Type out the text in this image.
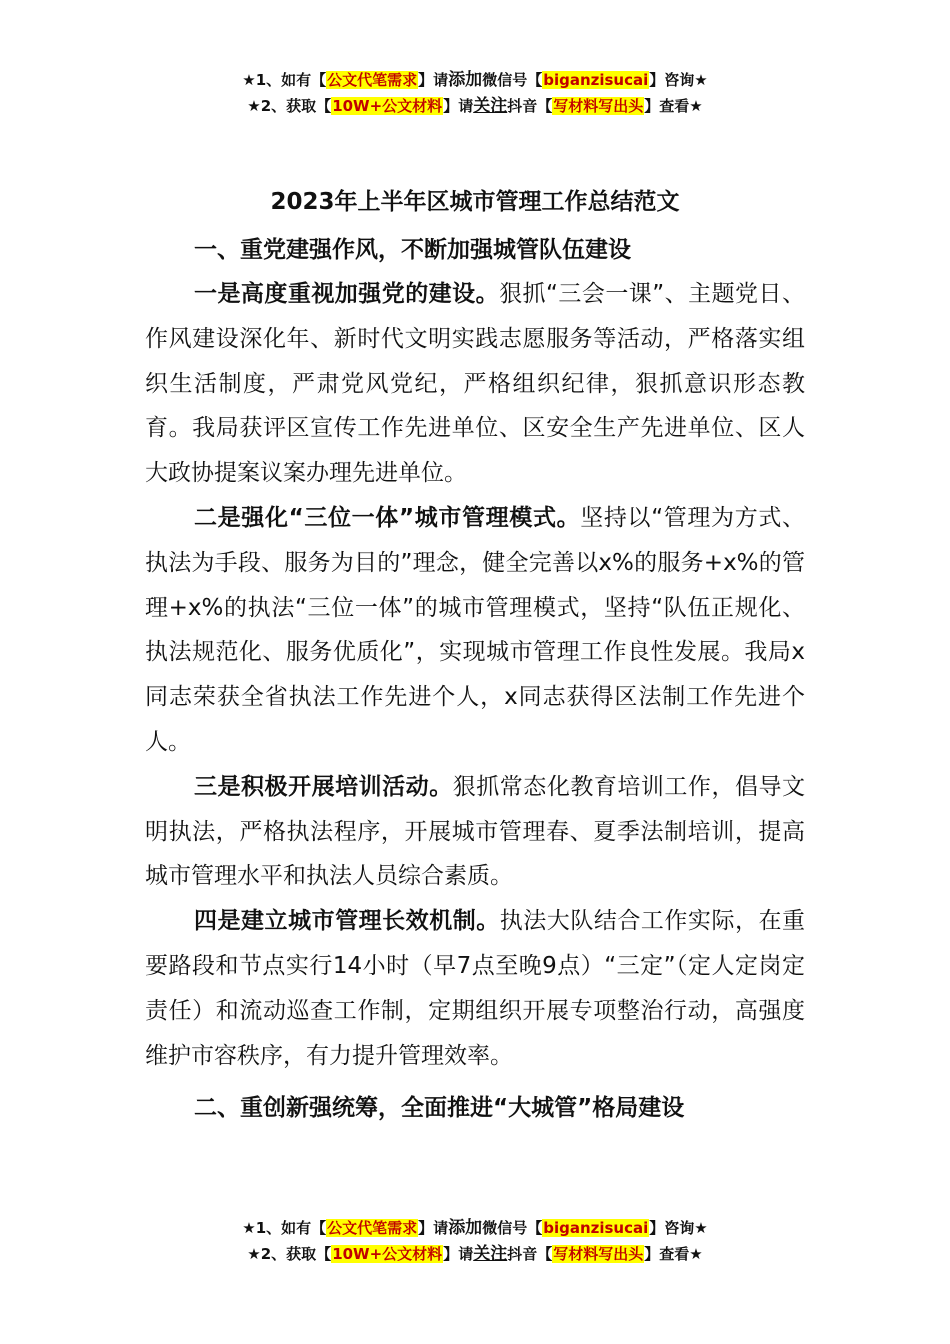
★1、如有【公文代笔需求】请添加微信号【biganzisucai】咨询★
★2、获取【10W+公文材料】请关注抖音【写材料写出头】查看★
2023年上半年区城市管理工作总结范文

一、重党建强作风，不断加强城管队伍建设

一是高度重视加强党的建设。狠抓“三会一课”、主题党日、作风建设深化年、新时代文明实践志愿服务等活动，严格落实组织生活制度，严肃党风党纪，严格组织纪律，狠抓意识形态教育。我局获评区宣传工作先进单位、区安全生产先进单位、区人大政协提案议案办理先进单位。

二是强化“三位一体”城市管理模式。坚持以“管理为方式、执法为手段、服务为目的”理念，健全完善以x%的服务+x%的管理+x%的执法“三位一体”的城市管理模式，坚持“队伍正规化、执法规范化、服务优质化”，实现城市管理工作良性发展。我局x同志荣获全省执法工作先进个人，x同志获得区法制工作先进个人。

三是积极开展培训活动。狠抓常态化教育培训工作，倡导文明执法，严格执法程序，开展城市管理春、夏季法制培训，提高城市管理水平和执法人员综合素质。

四是建立城市管理长效机制。执法大队结合工作实际，在重要路段和节点实行14小时（早7点至晚9点）“三定”（定人定岗定责任）和流动巡查工作制，定期组织开展专项整治行动，高强度维护市容秩序，有力提升管理效率。

二、重创新强统筹，全面推进“大城管”格局建设

★1、如有【公文代笔需求】请添加微信号【biganzisucai】咨询★
★2、获取【10W+公文材料】请关注抖音【写材料写出头】查看★
